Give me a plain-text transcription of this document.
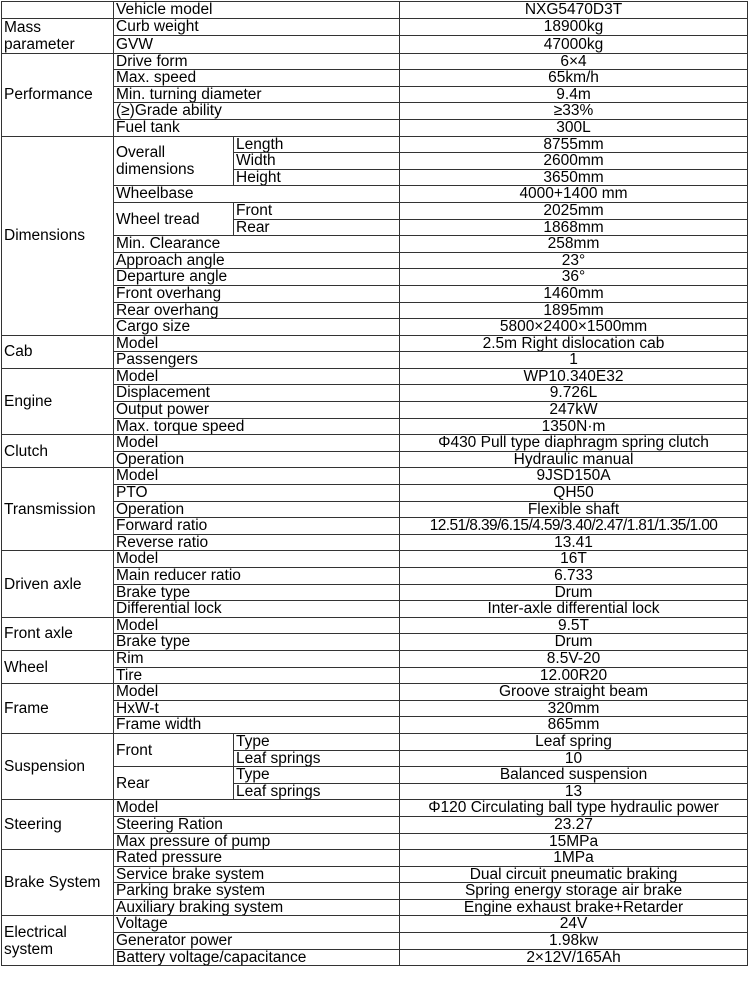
	Vehicle model		NXG5470D3T
Mass parameter	Curb weight		18900kg
	GVW		47000kg
Performance	Drive form		6×4
	Max. speed		65km/h
	Min. turning diameter		9.4m
	(≥)Grade ability		≥33%
	Fuel tank		300L
Dimensions	Overall dimensions	Length	8755mm
		Width	2600mm
		Height	3650mm
	Wheelbase		4000+1400 mm
	Wheel tread	Front	2025mm
		Rear	1868mm
	Min. Clearance		258mm
	Approach angle		23°
	Departure angle		36°
	Front overhang		1460mm
	Rear overhang		1895mm
	Cargo size		5800×2400×1500mm
Cab	Model		2.5m Right dislocation cab
	Passengers		1
Engine	Model		WP10.340E32
	Displacement		9.726L
	Output power		247kW
	Max. torque speed		1350N·m
Clutch	Model		Φ430 Pull type diaphragm spring clutch
	Operation		Hydraulic manual
Transmission	Model		9JSD150A
	PTO		QH50
	Operation		Flexible shaft
	Forward ratio		12.51/8.39/6.15/4.59/3.40/2.47/1.81/1.35/1.00
	Reverse ratio		13.41
Driven axle	Model		16T
	Main reducer ratio		6.733
	Brake type		Drum
	Differential lock		Inter-axle differential lock
Front axle	Model		9.5T
	Brake type		Drum
Wheel	Rim		8.5V-20
	Tire		12.00R20
Frame	Model		Groove straight beam
	HxW-t		320mm
	Frame width		865mm
Suspension	Front	Type	Leaf spring
		Leaf springs	10
	Rear	Type	Balanced suspension
		Leaf springs	13
Steering	Model		Φ120 Circulating ball type hydraulic power
	Steering Ration		23.27
	Max pressure of pump		15MPa
Brake System	Rated pressure		1MPa
	Service brake system		Dual circuit pneumatic braking
	Parking brake system		Spring energy storage air brake
	Auxiliary braking system		Engine exhaust brake+Retarder
Electrical system	Voltage		24V
	Generator power		1.98kw
	Battery voltage/capacitance		2×12V/165Ah
